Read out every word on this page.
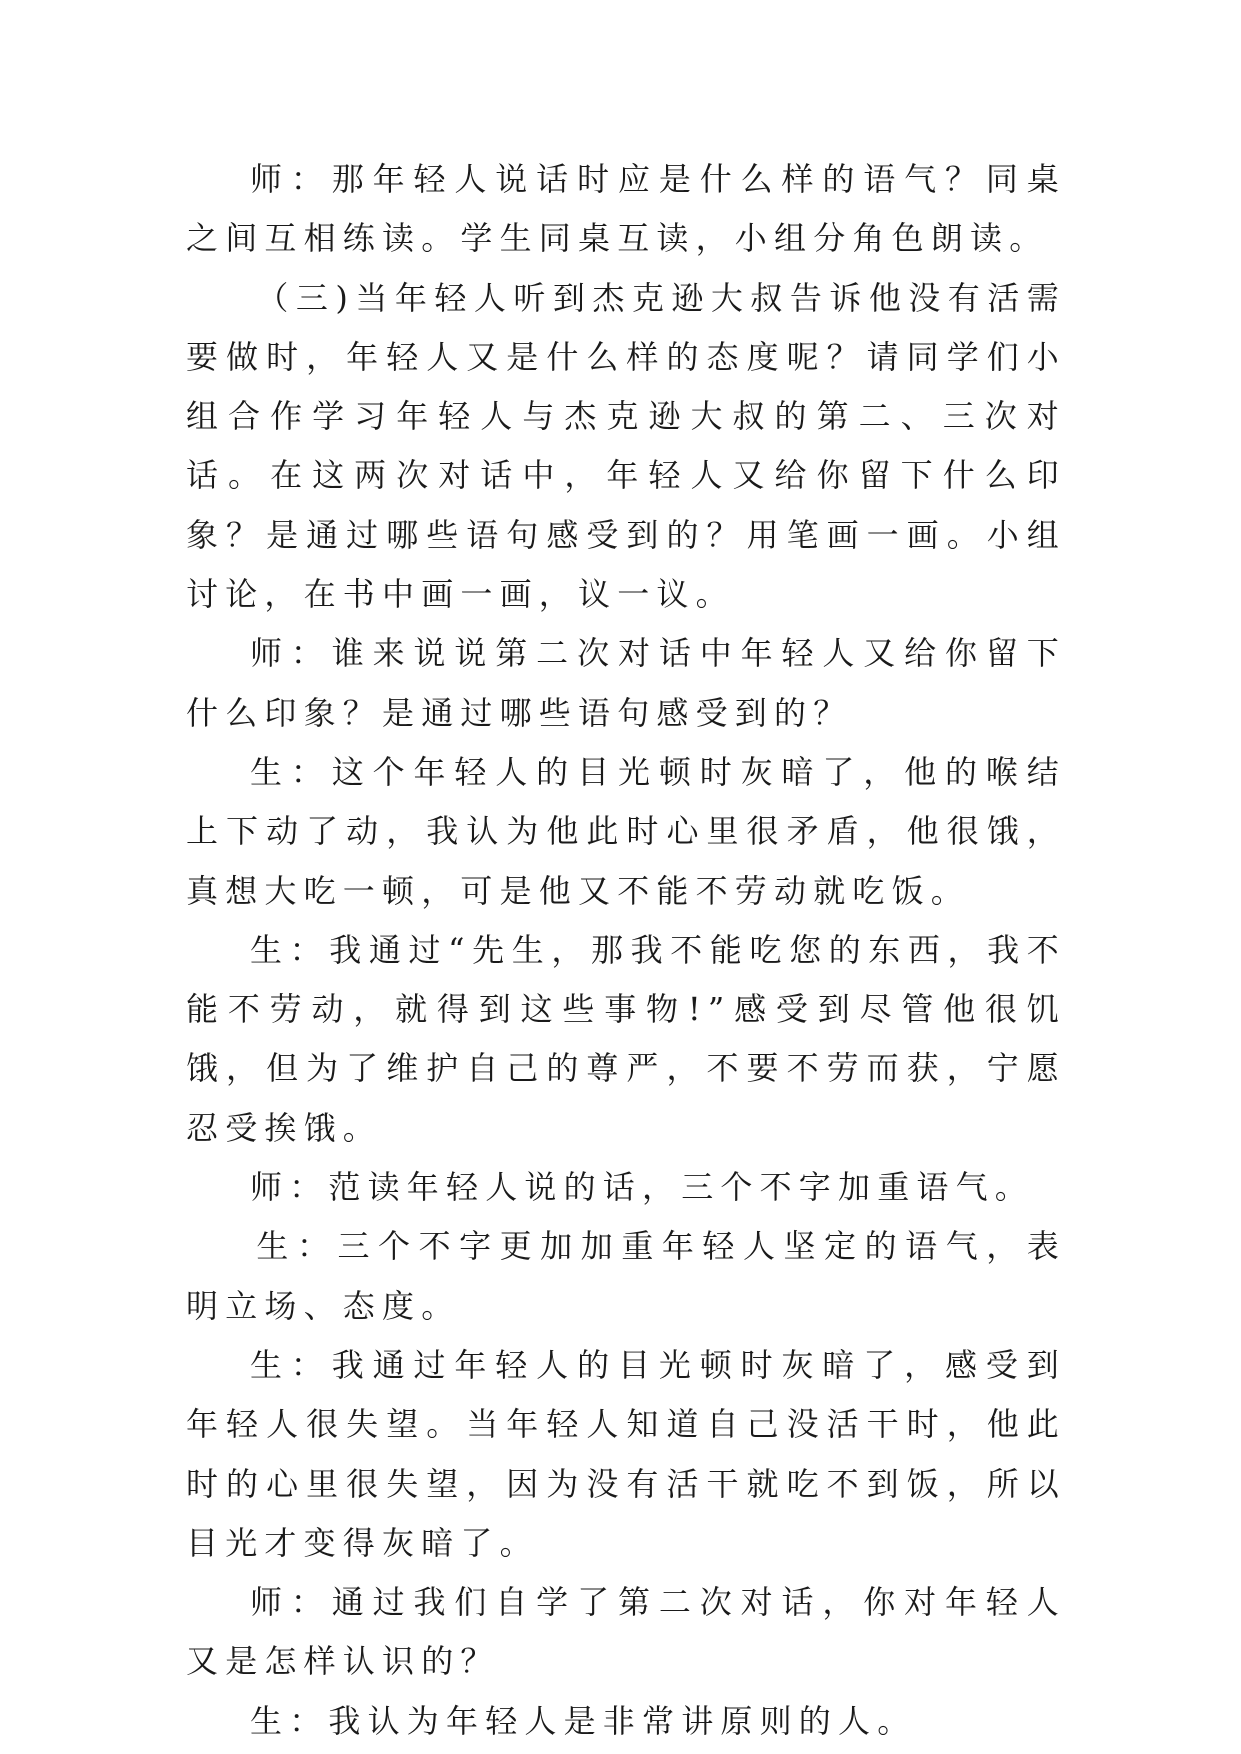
师：那年轻人说话时应是什么样的语气？同桌之间互相练读。学生同桌互读，小组分角色朗读。

（三)当年轻人听到杰克逊大叔告诉他没有活需要做时，年轻人又是什么样的态度呢？请同学们小组合作学习年轻人与杰克逊大叔的第二、三次对话。在这两次对话中，年轻人又给你留下什么印象？是通过哪些语句感受到的？用笔画一画。小组讨论，在书中画一画，议一议。

师：谁来说说第二次对话中年轻人又给你留下什么印象？是通过哪些语句感受到的？

生：这个年轻人的目光顿时灰暗了，他的喉结上下动了动，我认为他此时心里很矛盾，他很饿，真想大吃一顿，可是他又不能不劳动就吃饭。

生：我通过“先生，那我不能吃您的东西，我不能不劳动，就得到这些事物!”感受到尽管他很饥饿，但为了维护自己的尊严，不要不劳而获，宁愿忍受挨饿。

师：范读年轻人说的话，三个不字加重语气。

生：三个不字更加加重年轻人坚定的语气，表明立场、态度。

生：我通过年轻人的目光顿时灰暗了，感受到年轻人很失望。当年轻人知道自己没活干时，他此时的心里很失望，因为没有活干就吃不到饭，所以目光才变得灰暗了。

师：通过我们自学了第二次对话，你对年轻人又是怎样认识的？

生：我认为年轻人是非常讲原则的人。
